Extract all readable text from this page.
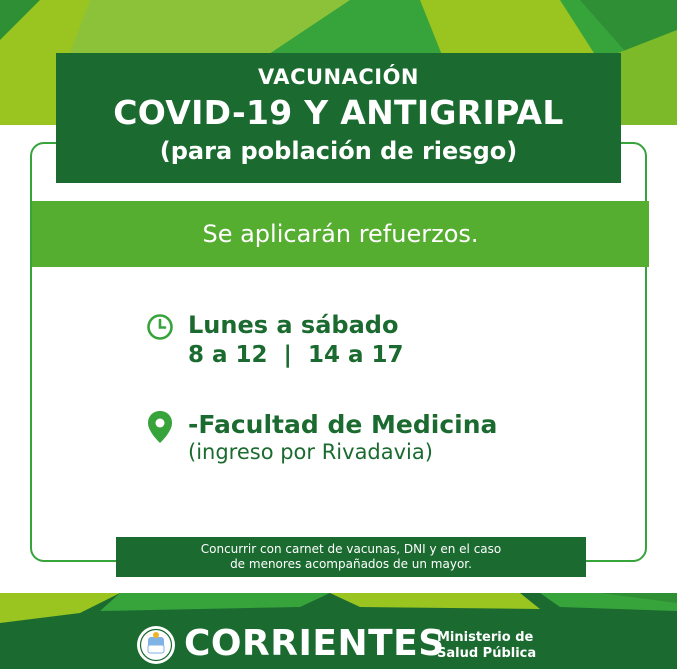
VACUNACIÓN
COVID-19 Y ANTIGRIPAL
(para población de riesgo)
Se aplicarán refuerzos.
Lunes a sábado
8 a 12  |  14 a 17
-Facultad de Medicina
(ingreso por Rivadavia)
Concurrir con carnet de vacunas, DNI y en el caso
de menores acompañados de un mayor.
CORRIENTES
Ministerio de
Salud Pública
